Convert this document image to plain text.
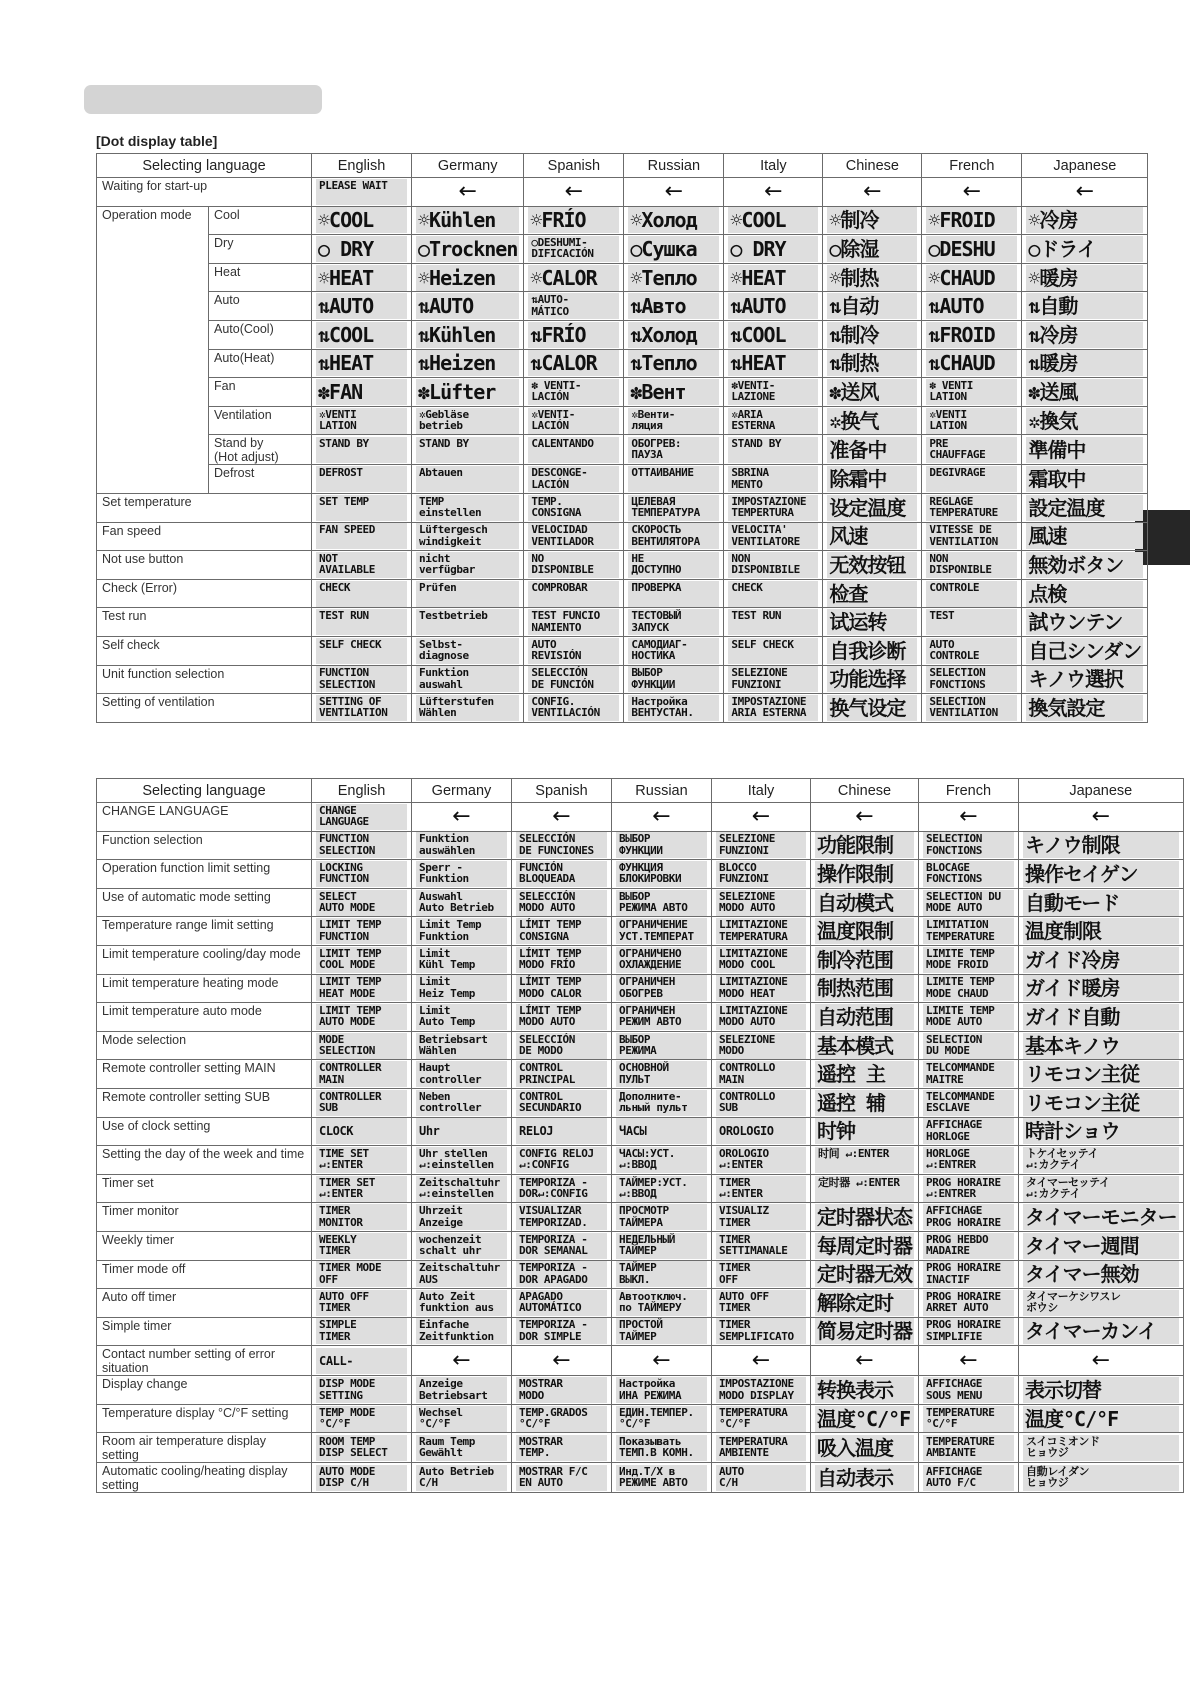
[Dot display table]
Selecting language		English	Germany	Spanish	Russian	Italy	Chinese	French	Japanese
Waiting for start-up		PLEASE WAIT	←	←	←	←	←	←	←

Operation mode	Cool	☼COOL	☼Kühlen	☼FRÍO	☼Холод	☼COOL	☼制冷	☼FROID	☼冷房

	Dry	○ DRY	○Trocknen	○DESHUMI-
DIFICACIÓN	○Сушка	○ DRY	○除湿	○DESHU	○ドライ

	Heat	☼HEAT	☼Heizen	☼CALOR	☼Тепло	☼HEAT	☼制热	☼CHAUD	☼暖房

	Auto	⇅AUTO	⇅AUTO	⇅AUTO-
MÁTICO	⇅Авто	⇅AUTO	⇅自动	⇅AUTO	⇅自動

	Auto(Cool)	⇅COOL	⇅Kühlen	⇅FRÍO	⇅Холод	⇅COOL	⇅制冷	⇅FROID	⇅冷房

	Auto(Heat)	⇅HEAT	⇅Heizen	⇅CALOR	⇅Тепло	⇅HEAT	⇅制热	⇅CHAUD	⇅暖房

	Fan	✽FAN	✽Lüfter	✽ VENTI-
LACIÓN	✽Вент	✽VENTI-
LAZIONE	✽送风	✽ VENTI
LATION	✽送風

	Ventilation	✲VENTI
LATION	✲Gebläse
betrieb	✲VENTI-
LACIÓN	✲Венти-
ляция	✲ARIA
ESTERNA	✲换气	✲VENTI
LATION	✲換気

	Stand by
(Hot adjust)	STAND BY	STAND BY	CALENTANDO	ОБОГРЕВ:
ПАУЗА	STAND BY	准备中	PRE
CHAUFFAGE	準備中

	Defrost	DEFROST	Abtauen	DESCONGE-
LACIÓN	ОТТАИВАНИЕ	SBRINA
MENTO	除霜中	DEGIVRAGE	霜取中

Set temperature		SET TEMP	TEMP
einstellen	TEMP.
CONSIGNA	ЦЕЛЕВАЯ
ТЕМПЕРАТУРА	IMPOSTAZIONE
TEMPERTURA	设定温度	REGLAGE
TEMPERATURE	設定温度

Fan speed		FAN SPEED	Lüftergesch
windigkeit	VELOCIDAD
VENTILADOR	СКОРОСТЬ
ВЕНТИЛЯТОРА	VELOCITA'
VENTILATORE	风速	VITESSE DE
VENTILATION	風速

Not use button		NOT
AVAILABLE	nicht
verfügbar	NO
DISPONIBLE	НЕ
ДОСТУПНО	NON
DISPONIBILE	无效按钮	NON
DISPONIBLE	無効ボタン

Check (Error)		CHECK	Prüfen	COMPROBAR	ПРОВЕРКА	CHECK	检查	CONTROLE	点検

Test run		TEST RUN	Testbetrieb	TEST FUNCIO
NAMIENTO	ТЕСТОВЫЙ
ЗАПУСК	TEST RUN	试运转	TEST	試ウンテン

Self check		SELF CHECK	Selbst-
diagnose	AUTO
REVISIÓN	САМОДИАГ-
НОСТИКА	SELF CHECK	自我诊断	AUTO
CONTROLE	自己シンダン

Unit function selection		FUNCTION
SELECTION	Funktion
auswahl	SELECCIÓN
DE FUNCIÓN	ВЫБОР
ФУНКЦИИ	SELEZIONE
FUNZIONI	功能选择	SELECTION
FONCTIONS	キノウ選択

Setting of ventilation		SETTING OF
VENTILATION	Lüfterstufen
Wählen	CONFIG.
VENTILACIÓN	Настройка
ВЕНТУСТАН.	IMPOSTAZIONE
ARIA ESTERNA	换气设定	SELECTION
VENTILATION	換気設定
Selecting language	English	Germany	Spanish	Russian	Italy	Chinese	French	Japanese
CHANGE LANGUAGE	CHANGE
LANGUAGE	←	←	←	←	←	←	←

Function selection	FUNCTION
SELECTION	Funktion
auswählen	SELECCIÓN
DE FUNCIONES	ВЫБОР
ФУНКЦИИ	SELEZIONE
FUNZIONI	功能限制	SELECTION
FONCTIONS	キノウ制限

Operation function limit setting	LOCKING
FUNCTION	Sperr -
Funktion	FUNCIÓN
BLOQUEADA	ФУНКЦИЯ
БЛОКИРОВКИ	BLOCCO
FUNZIONI	操作限制	BLOCAGE
FONCTIONS	操作セイゲン

Use of automatic mode setting	SELECT
AUTO MODE	Auswahl
Auto Betrieb	SELECCIÓN
MODO AUTO	ВЫБОР
РЕЖИМА АВТО	SELEZIONE
MODO AUTO	自动模式	SELECTION DU
MODE AUTO	自動モード

Temperature range limit setting	LIMIT TEMP
FUNCTION	Limit Temp
Funktion	LÍMIT TEMP
CONSIGNA	ОГРАНИЧЕНИЕ
УСТ.ТЕМПЕРАТ	LIMITAZIONE
TEMPERATURA	温度限制	LIMITATION
TEMPERATURE	温度制限

Limit temperature cooling/day mode	LIMIT TEMP
COOL MODE	Limit
Kühl Temp	LÍMIT TEMP
MODO FRÍO	ОГРАНИЧЕНО
ОХЛАЖДЕНИЕ	LIMITAZIONE
MODO COOL	制冷范围	LIMITE TEMP
MODE FROID	ガイド冷房

Limit temperature heating mode	LIMIT TEMP
HEAT MODE	Limit
Heiz Temp	LÍMIT TEMP
MODO CALOR	ОГРАНИЧЕН
ОБОГРЕВ	LIMITAZIONE
MODO HEAT	制热范围	LIMITE TEMP
MODE CHAUD	ガイド暖房

Limit temperature auto mode	LIMIT TEMP
AUTO MODE	Limit
Auto Temp	LÍMIT TEMP
MODO AUTO	ОГРАНИЧЕН
РЕЖИМ АВТО	LIMITAZIONE
MODO AUTO	自动范围	LIMITE TEMP
MODE AUTO	ガイド自動

Mode selection	MODE
SELECTION	Betriebsart
Wählen	SELECCIÓN
DE MODO	ВЫБОР
РЕЖИМА	SELEZIONE
MODO	基本模式	SELECTION
DU MODE	基本キノウ

Remote controller setting MAIN	CONTROLLER
MAIN	Haupt
controller	CONTROL
PRINCIPAL	ОСНОВНОЙ
ПУЛЬТ	CONTROLLO
MAIN	遥控 主	TELCOMMANDE
MAITRE	リモコン主従

Remote controller setting SUB	CONTROLLER
SUB	Neben
controller	CONTROL
SECUNDARIO	Дополните-
льный пульт	CONTROLLO
SUB	遥控 辅	TELCOMMANDE
ESCLAVE	リモコン主従

Use of clock setting	CLOCK	Uhr	RELOJ	ЧАСЫ	OROLOGIO	时钟	AFFICHAGE
HORLOGE	時計ショウ

Setting the day of the week and time	TIME SET
↵:ENTER	Uhr stellen
↵:einstellen	CONFIG RELOJ
↵:CONFIG	ЧАСЫ:УСТ.
↵:ВВОД	OROLOGIO
↵:ENTER	时间 ↵:ENTER	HORLOGE
↵:ENTRER	トケイセッテイ
↵:カクテイ

Timer set	TIMER SET
↵:ENTER	Zeitschaltuhr
↵:einstellen	TEMPORIZA -
DOR↵:CONFIG	ТАЙМЕР:УСТ.
↵:ВВОД	TIMER
↵:ENTER	定时器 ↵:ENTER	PROG HORAIRE
↵:ENTRER	タイマーセッテイ
↵:カクテイ

Timer monitor	TIMER
MONITOR	Uhrzeit
Anzeige	VISUALIZAR
TEMPORIZAD.	ПРОСМОТР
ТАЙМЕРА	VISUALIZ
TIMER	定时器状态	AFFICHAGE
PROG HORAIRE	タイマーモニター

Weekly timer	WEEKLY
TIMER	wochenzeit
schalt uhr	TEMPORIZA -
DOR SEMANAL	НЕДЕЛЬНЫЙ
ТАЙМЕР	TIMER
SETTIMANALE	每周定时器	PROG HEBDO
MADAIRE	タイマー週間

Timer mode off	TIMER MODE
OFF	Zeitschaltuhr
AUS	TEMPORIZA -
DOR APAGADO	ТАЙМЕР
ВЫКЛ.	TIMER
OFF	定时器无效	PROG HORAIRE
INACTIF	タイマー無効

Auto off timer	AUTO OFF
TIMER	Auto Zeit
funktion aus	APAGADO
AUTOMÁTICO	Автоотключ.
по ТАЙМЕРУ	AUTO OFF
TIMER	解除定时	PROG HORAIRE
ARRET AUTO	タイマーケシワスレ
ボウシ

Simple timer	SIMPLE
TIMER	Einfache
Zeitfunktion	TEMPORIZA -
DOR SIMPLE	ПРОСТОЙ
ТАЙМЕР	TIMER
SEMPLIFICATO	简易定时器	PROG HORAIRE
SIMPLIFIE	タイマーカンイ

Contact number setting of error situation	CALL-	←	←	←	←	←	←	←

Display change	DISP MODE
SETTING	Anzeige
Betriebsart	MOSTRAR
MODO	Настройка
ИНА РЕЖИМА	IMPOSTAZIONE
MODO DISPLAY	转换表示	AFFICHAGE
SOUS MENU	表示切替

Temperature display °C/°F setting	TEMP MODE
°C/°F	Wechsel
°C/°F	TEMP.GRADOS
°C/°F	ЕДИН.ТЕМПЕР.
°C/°F	TEMPERATURA
°C/°F	温度°C/°F	TEMPERATURE
°C/°F	温度°C/°F

Room air temperature display setting	ROOM TEMP
DISP SELECT	Raum Temp
Gewählt	MOSTRAR
TEMP.	Показывать
ТЕМП.В КОМН.	TEMPERATURA
AMBIENTE	吸入温度	TEMPERATURE
AMBIANTE	スイコミオンド
ヒョウジ

Automatic cooling/heating display setting	AUTO MODE
DISP C/H	Auto Betrieb
C/H	MOSTRAR F/C
EN AUTO	Инд.Т/Х в
РЕЖИМЕ АВТО	AUTO
C/H	自动表示	AFFICHAGE
AUTO F/C	自動レイダン
ヒョウジ
